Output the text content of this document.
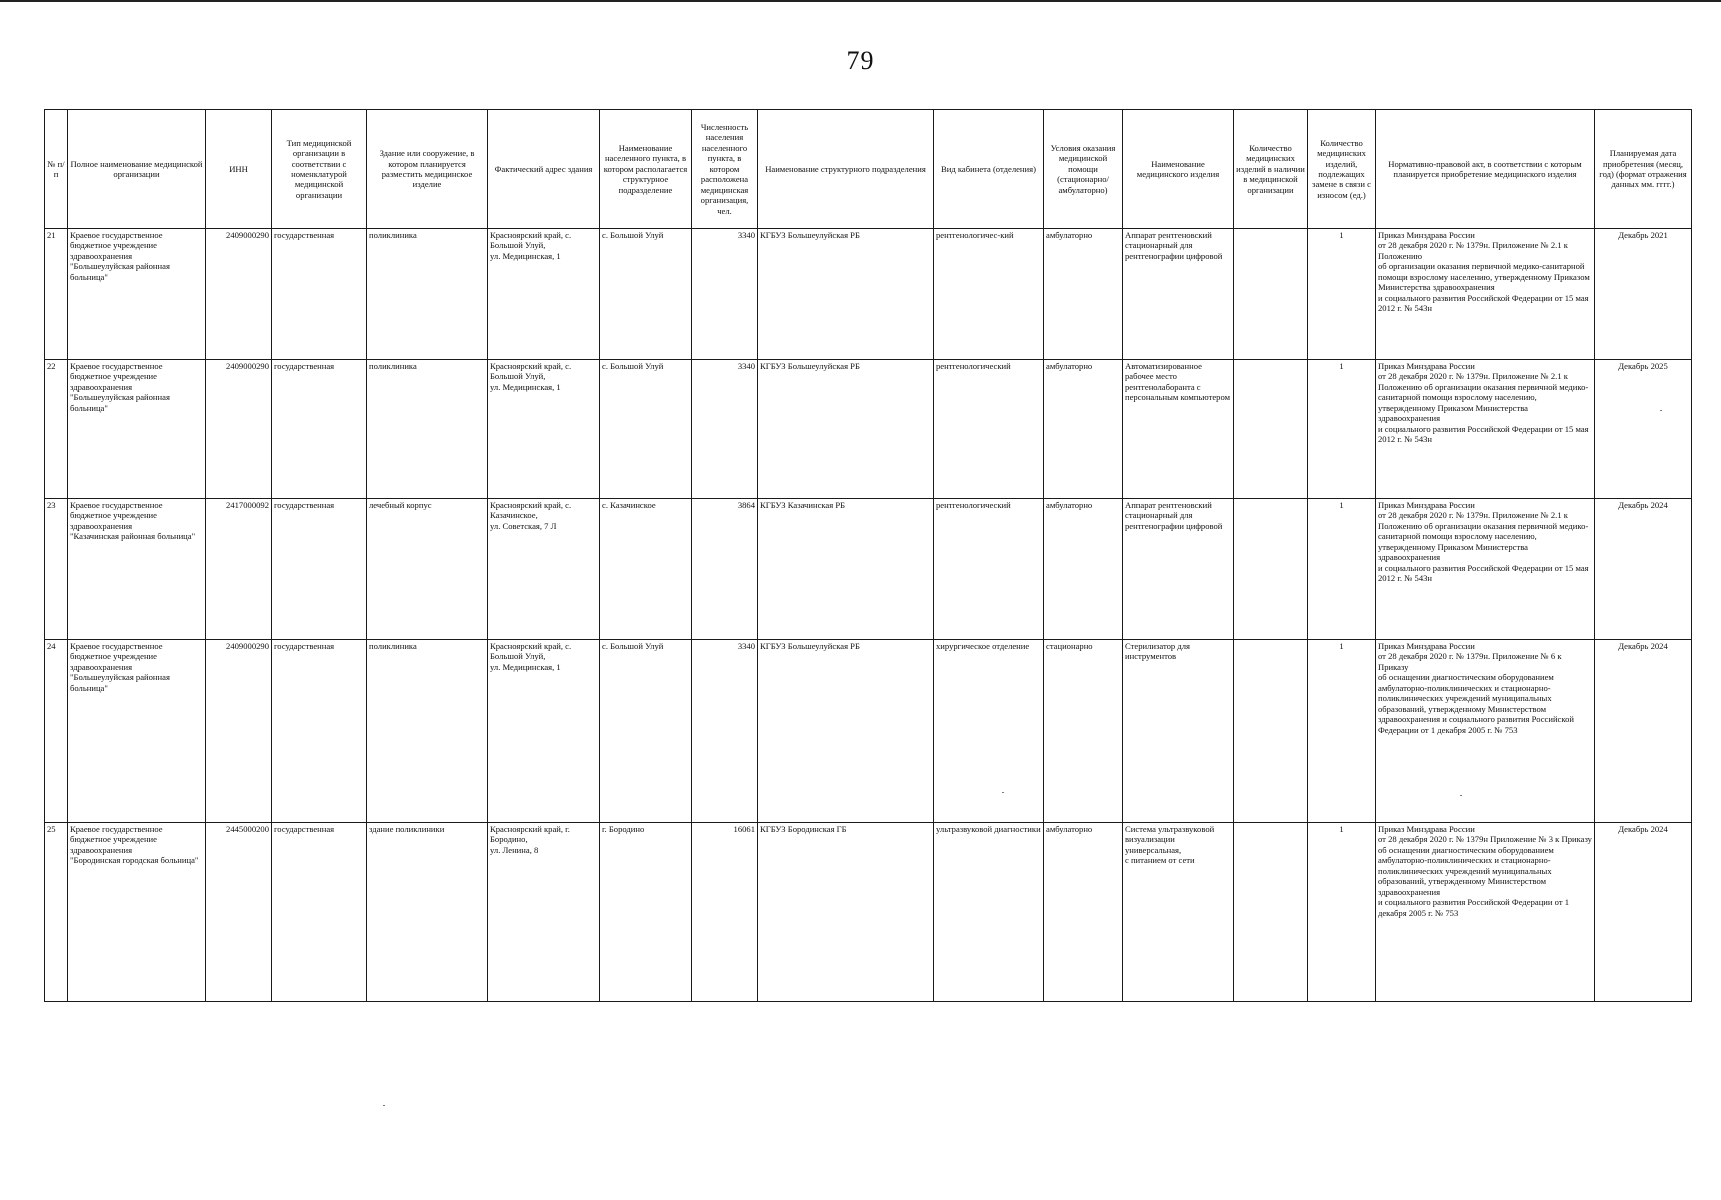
79
№ п/п	Полное наименование медицинской организации	ИНН	Тип медицинской организации в соответствии с номенклатурой медицинской организации	Здание или сооружение, в котором планируется разместить медицинское изделие	Фактический адрес здания	Наименование населенного пункта, в котором располагается структурное подразделение	Численность населения населенного пункта, в котором расположена медицинская организация, чел.	Наименование структурного подразделения	Вид кабинета (отделения)	Условия оказания медицинской помощи (стационарно/ амбулаторно)	Наименование медицинского изделия	Количество медицинских изделий в наличии в медицинской организации	Количество медицинских изделий, подлежащих замене в связи с износом (ед.)	Нормативно-правовой акт, в соответствии с которым планируется приобретение медицинского изделия	Планируемая дата приобретения (месяц, год) (формат отражения данных мм. гггг.)
21	Краевое государственное бюджетное учреждение здравоохранения
"Большеулуйская районная больница"	2409000290	государственная	поликлиника	Красноярский край, с. Большой Улуй,
ул. Медицинская, 1	с. Большой Улуй	3340	КГБУЗ Большеулуйская РБ	рентгенологичес-кий	амбулаторно	Аппарат рентгеновский стационарный для рентгенографии цифровой		1	Приказ Минздрава России
от 28 декабря 2020 г. № 1379н. Приложение № 2.1 к Положению
об организации оказания первичной медико-санитарной помощи взрослому населению, утвержденному Приказом Министерства здравоохранения
и социального развития Российской Федерации от 15 мая 2012 г. № 543н	Декабрь 2021
22	Краевое государственное бюджетное учреждение здравоохранения
"Большеулуйская районная больница"	2409000290	государственная	поликлиника	Красноярский край, с. Большой Улуй,
ул. Медицинская, 1	с. Большой Улуй	3340	КГБУЗ Большеулуйская РБ	рентгенологический	амбулаторно	Автоматизированное рабочее место рентгенолаборанта с персональным компьютером		1	Приказ Минздрава России
от 28 декабря 2020 г. № 1379н. Приложение № 2.1 к Положению об организации оказания первичной медико-санитарной помощи взрослому населению, утвержденному Приказом Министерства здравоохранения
и социального развития Российской Федерации от 15 мая 2012 г. № 543н	Декабрь 2025
23	Краевое государственное бюджетное учреждение здравоохранения
"Казачинская районная больница"	2417000092	государственная	лечебный корпус	Красноярский край, с. Казачинское,
ул. Советская, 7 Л	с. Казачинское	3864	КГБУЗ Казачинская РБ	рентгенологический	амбулаторно	Аппарат рентгеновский стационарный для рентгенографии цифровой		1	Приказ Минздрава России
от 28 декабря 2020 г. № 1379н. Приложение № 2.1 к Положению об организации оказания первичной медико-санитарной помощи взрослому населению, утвержденному Приказом Министерства здравоохранения
и социального развития Российской Федерации от 15 мая 2012 г. № 543н	Декабрь 2024
24	Краевое государственное бюджетное учреждение здравоохранения
"Большеулуйская районная больница"	2409000290	государственная	поликлиника	Красноярский край, с. Большой Улуй,
ул. Медицинская, 1	с. Большой Улуй	3340	КГБУЗ Большеулуйская РБ	хирургическое отделение	стационарно	Стерилизатор для инструментов		1	Приказ Минздрава России
от 28 декабря 2020 г. № 1379н. Приложение № 6 к Приказу
об оснащении диагностическим оборудованием амбулаторно-поликлинических и стационарно-поликлинических учреждений муниципальных образований, утвержденному Министерством здравоохранения и социального развития Российской Федерации от 1 декабря 2005 г. № 753	Декабрь 2024
25	Краевое государственное бюджетное учреждение здравоохранения
"Бородинская городская больница"	2445000200	государственная	здание поликлиники	Красноярский край, г. Бородино,
ул. Ленина, 8	г. Бородино	16061	КГБУЗ Бородинская ГБ	ультразвуковой диагностики	амбулаторно	Система ультразвуковой визуализации универсальная,
с питанием от сети		1	Приказ Минздрава России
от 28 декабря 2020 г. № 1379н Приложение № 3 к Приказу об оснащении диагностическим оборудованием амбулаторно-поликлинических и стационарно-поликлинических учреждений муниципальных образований, утвержденному Министерством здравоохранения
и социального развития Российской Федерации от 1 декабря 2005 г. № 753	Декабрь 2024
